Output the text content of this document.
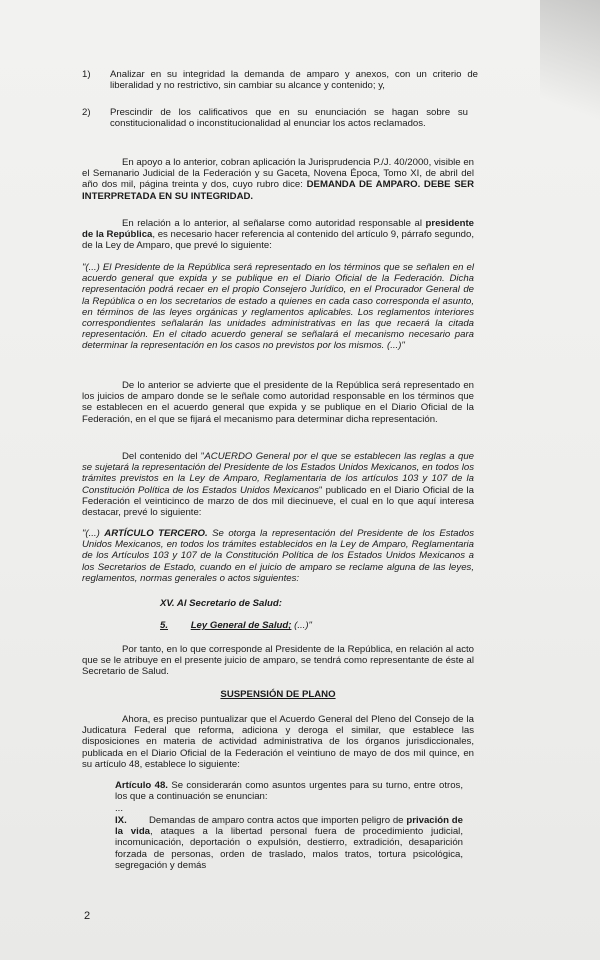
1) Analizar en su integridad la demanda de amparo y anexos, con un criterio de liberalidad y no restrictivo, sin cambiar su alcance y contenido; y,
2) Prescindir de los calificativos que en su enunciación se hagan sobre su constitucionalidad o inconstitucionalidad al enunciar los actos reclamados.
En apoyo a lo anterior, cobran aplicación la Jurisprudencia P./J. 40/2000, visible en el Semanario Judicial de la Federación y su Gaceta, Novena Época, Tomo XI, de abril del año dos mil, página treinta y dos, cuyo rubro dice: DEMANDA DE AMPARO. DEBE SER INTERPRETADA EN SU INTEGRIDAD.
En relación a lo anterior, al señalarse como autoridad responsable al presidente de la República, es necesario hacer referencia al contenido del artículo 9, párrafo segundo, de la Ley de Amparo, que prevé lo siguiente:
"(...) El Presidente de la República será representado en los términos que se señalen en el acuerdo general que expida y se publique en el Diario Oficial de la Federación. Dicha representación podrá recaer en el propio Consejero Jurídico, en el Procurador General de la República o en los secretarios de estado a quienes en cada caso corresponda el asunto, en términos de las leyes orgánicas y reglamentos aplicables. Los reglamentos interiores correspondientes señalarán las unidades administrativas en las que recaerá la citada representación. En el citado acuerdo general se señalará el mecanismo necesario para determinar la representación en los casos no previstos por los mismos. (...)"
De lo anterior se advierte que el presidente de la República será representado en los juicios de amparo donde se le señale como autoridad responsable en los términos que se establecen en el acuerdo general que expida y se publique en el Diario Oficial de la Federación, en el que se fijará el mecanismo para determinar dicha representación.
Del contenido del "ACUERDO General por el que se establecen las reglas a que se sujetará la representación del Presidente de los Estados Unidos Mexicanos, en todos los trámites previstos en la Ley de Amparo, Reglamentaria de los artículos 103 y 107 de la Constitución Política de los Estados Unidos Mexicanos" publicado en el Diario Oficial de la Federación el veinticinco de marzo de dos mil diecinueve, el cual en lo que aquí interesa destacar, prevé lo siguiente:
"(...) ARTÍCULO TERCERO. Se otorga la representación del Presidente de los Estados Unidos Mexicanos, en todos los trámites establecidos en la Ley de Amparo, Reglamentaria de los Artículos 103 y 107 de la Constitución Política de los Estados Unidos Mexicanos a los Secretarios de Estado, cuando en el juicio de amparo se reclame alguna de las leyes, reglamentos, normas generales o actos siguientes:
XV. Al Secretario de Salud:
5. Ley General de Salud; (...)"
Por tanto, en lo que corresponde al Presidente de la República, en relación al acto que se le atribuye en el presente juicio de amparo, se tendrá como representante de éste al Secretario de Salud.
SUSPENSIÓN DE PLANO
Ahora, es preciso puntualizar que el Acuerdo General del Pleno del Consejo de la Judicatura Federal que reforma, adiciona y deroga el similar, que establece las disposiciones en materia de actividad administrativa de los órganos jurisdiccionales, publicada en el Diario Oficial de la Federación el veintiuno de mayo de dos mil quince, en su artículo 48, establece lo siguiente:
Artículo 48. Se considerarán como asuntos urgentes para su turno, entre otros, los que a continuación se enuncian:
...
IX.	Demandas de amparo contra actos que importen peligro de privación de la vida, ataques a la libertad personal fuera de procedimiento judicial, incomunicación, deportación o expulsión, destierro, extradición, desaparición forzada de personas, orden de traslado, malos tratos, tortura psicológica, segregación y demás
2
